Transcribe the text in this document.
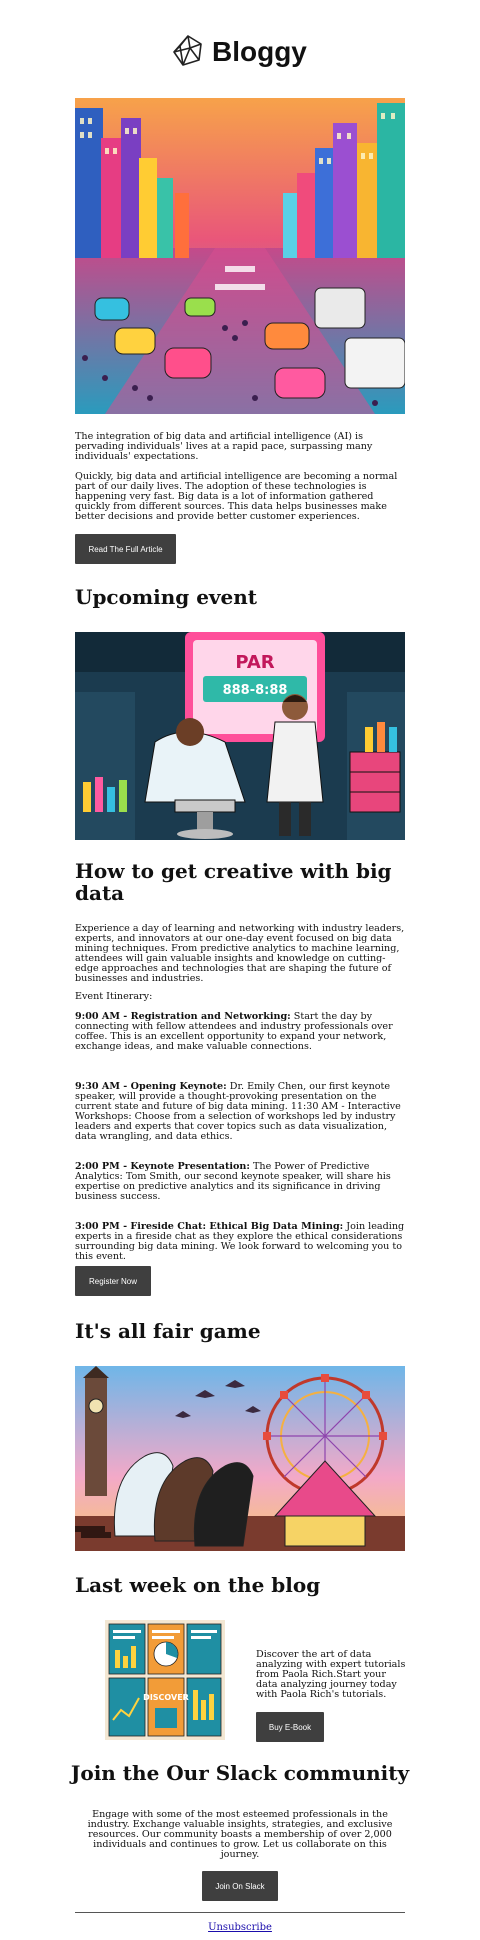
Bloggy

The integration of big data and artificial intelligence (AI) is pervading individuals' lives at a rapid pace, surpassing many individuals' expectations.

Quickly, big data and artificial intelligence are becoming a normal part of our daily lives. The adoption of these technologies is happening very fast. Big data is a lot of information gathered quickly from different sources. This data helps businesses make better decisions and provide better customer experiences.

Read The Full Article
Upcoming event
PAR
888-8:88
How to get creative with big data

Experience a day of learning and networking with industry leaders, experts, and innovators at our one-day event focused on big data mining techniques. From predictive analytics to machine learning, attendees will gain valuable insights and knowledge on cutting-edge approaches and technologies that are shaping the future of businesses and industries.

Event Itinerary:

9:00 AM - Registration and Networking: Start the day by connecting with fellow attendees and industry professionals over coffee. This is an excellent opportunity to expand your network, exchange ideas, and make valuable connections.

9:30 AM - Opening Keynote: Dr. Emily Chen, our first keynote speaker, will provide a thought-provoking presentation on the current state and future of big data mining. 11:30 AM - Interactive Workshops: Choose from a selection of workshops led by industry leaders and experts that cover topics such as data visualization, data wrangling, and data ethics.

2:00 PM - Keynote Presentation: The Power of Predictive Analytics: Tom Smith, our second keynote speaker, will share his expertise on predictive analytics and its significance in driving business success.

3:00 PM - Fireside Chat: Ethical Big Data Mining: Join leading experts in a fireside chat as they explore the ethical considerations surrounding big data mining. We look forward to welcoming you to this event.

Register Now
It's all fair game
Last week on the blog
DISCOVER

Discover the art of data analyzing with expert tutorials from Paola Rich.Start your data analyzing journey today with Paola Rich's tutorials.

Buy E-Book
Join the Our Slack community

Engage with some of the most esteemed professionals in the industry. Exchange valuable insights, strategies, and exclusive resources. Our community boasts a membership of over 2,000 individuals and continues to grow. Let us collaborate on this journey.

Join On Slack
Unsubscribe
